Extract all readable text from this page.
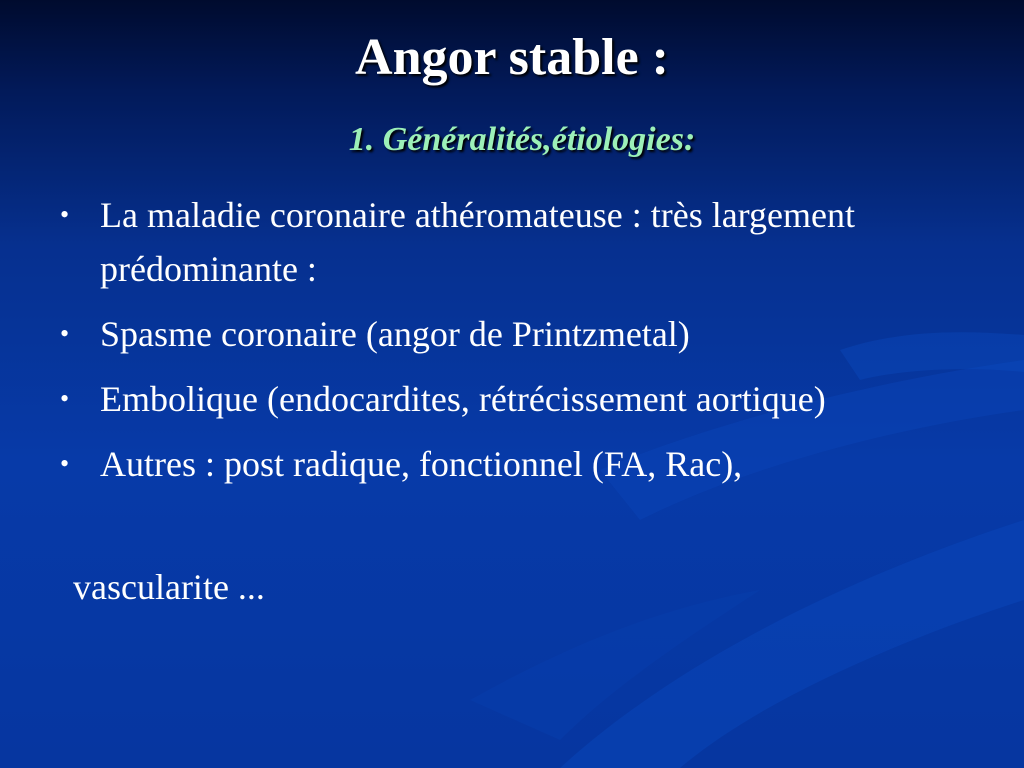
Angor stable :
1. Généralités,étiologies:
• La maladie coronaire athéromateuse : très largement prédominante :
• Spasme coronaire (angor de Printzmetal)
• Embolique (endocardites, rétrécissement aortique)
• Autres : post radique, fonctionnel (FA, Rac),
vascularite ...
